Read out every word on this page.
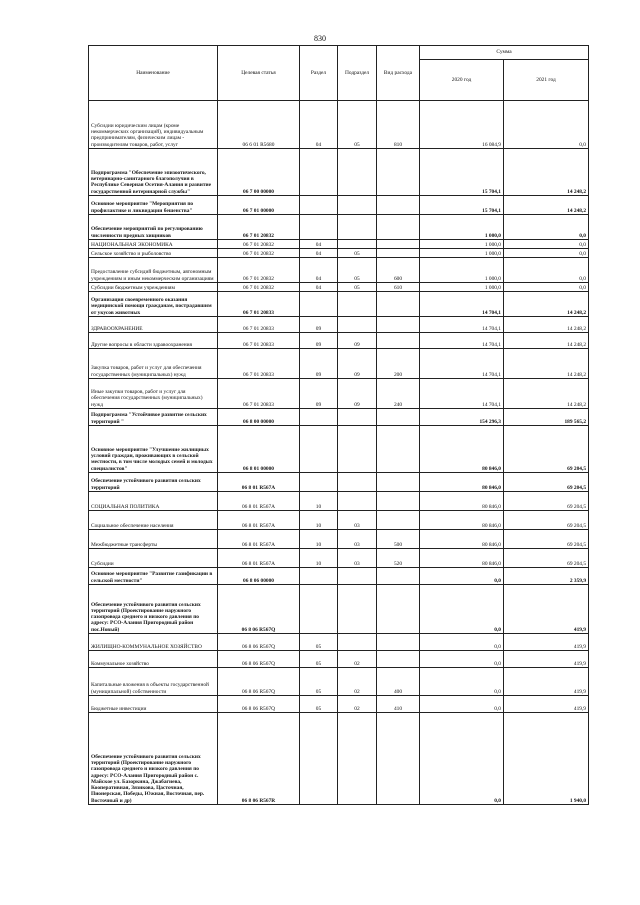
830
Наименование	Целевая статья	Раздел	Подраздел	Вид расхода	Сумма	
					2020 год	2021 год
Субсидии юридическим лицам (кроме некоммерческих организаций), индивидуальным предпринимателям, физическим лицам - производителям товаров, работ, услуг	06 6 01 R5680	04	05	810	16 084,9	0,0
Подпрограмма "Обеспечение эпизоотического, ветеринарно-санитарного благополучия в Республике Северная Осетия-Алания и развитие государственной ветеринарной службы"	06 7 00 00000				15 704,1	14 248,2
Основное мероприятие "Мероприятия по профилактике и ликвидации бешенства"	06 7 01 00000				15 704,1	14 248,2
Обеспечение мероприятий по регулированию численности предных хищников	06 7 01 20832				1 000,0	0,0
НАЦИОНАЛЬНАЯ ЭКОНОМИКА	06 7 01 20832	04			1 000,0	0,0
Сельское хозяйство и рыболовство	06 7 01 20832	04	05		1 000,0	0,0
Предоставление субсидий бюджетным, автономным учреждениям и иным некоммерческим организациям	06 7 01 20832	04	05	600	1 000,0	0,0
Субсидии бюджетным учреждениям	06 7 01 20832	04	05	610	1 000,0	0,0
Организация своевременного оказания медицинской помощи гражданам, пострадавшим от укусов животных	06 7 01 20833				14 704,1	14 248,2
ЗДРАВООХРАНЕНИЕ	06 7 01 20833	09			14 704,1	14 248,2
Другие вопросы в области здравоохранения	06 7 01 20833	09	09		14 704,1	14 248,2
Закупка товаров, работ и услуг для обеспечения государственных (муниципальных) нужд	06 7 01 20833	09	09	200	14 704,1	14 248,2
Иные закупки товаров, работ и услуг для обеспечения государственных (муниципальных) нужд	06 7 01 20833	09	09	240	14 704,1	14 248,2
Подпрограмма "Устойчивое развитие сельских территорий "	06 8 00 00000				154 296,3	189 565,2
Основное мероприятие "Улучшение жилищных условий граждан, проживающих в сельской местности, в том числе молодых семей и молодых специалистов"	06 8 01 00000				80 846,0	69 204,5
Обеспечение устойчивого развития сельских территорий	06 8 01 R567A				80 846,0	69 204,5
СОЦИАЛЬНАЯ ПОЛИТИКА	06 8 01 R567A	10			80 846,0	69 204,5
Социальное обеспечение населения	06 8 01 R567A	10	03		80 846,0	69 204,5
Межбюджетные трансферты	06 8 01 R567A	10	03	500	80 846,0	69 204,5
Субсидии	06 8 01 R567A	10	03	520	80 846,0	69 204,5
Основное мероприятие "Развитие газификации в сельской местности"	06 8 06 00000				0,0	2 359,9
Обеспечение устойчивого развития сельских территорий (Проектирование наружного газопровода среднего и низкого давления по адресу: РСО-Алания Пригородный район пос.Новый)	06 8 06 R567Q				0,0	419,9
ЖИЛИЩНО-КОММУНАЛЬНОЕ ХОЗЯЙСТВО	06 8 06 R567Q	05			0,0	419,9
Коммунальное хозяйство	06 8 06 R567Q	05	02		0,0	419,9
Капитальные вложения в объекты государственной (муниципальной) собственности	06 8 06 R567Q	05	02	400	0,0	419,9
Бюджетные инвестиции	06 8 06 R567Q	05	02	410	0,0	419,9
Обеспечение устойчивого развития сельских территорий (Проектирование наружного газопровода среднего и низкого давления по адресу: РСО-Алания Пригородный район с. Майское ул. Базоркина, Джабагиева, Кооперативная, Зязикова, Цасточная, Пионерская, Победы, Южная, Восточная, пер. Восточный и др)	06 8 06 R567R				0,0	1 940,0
